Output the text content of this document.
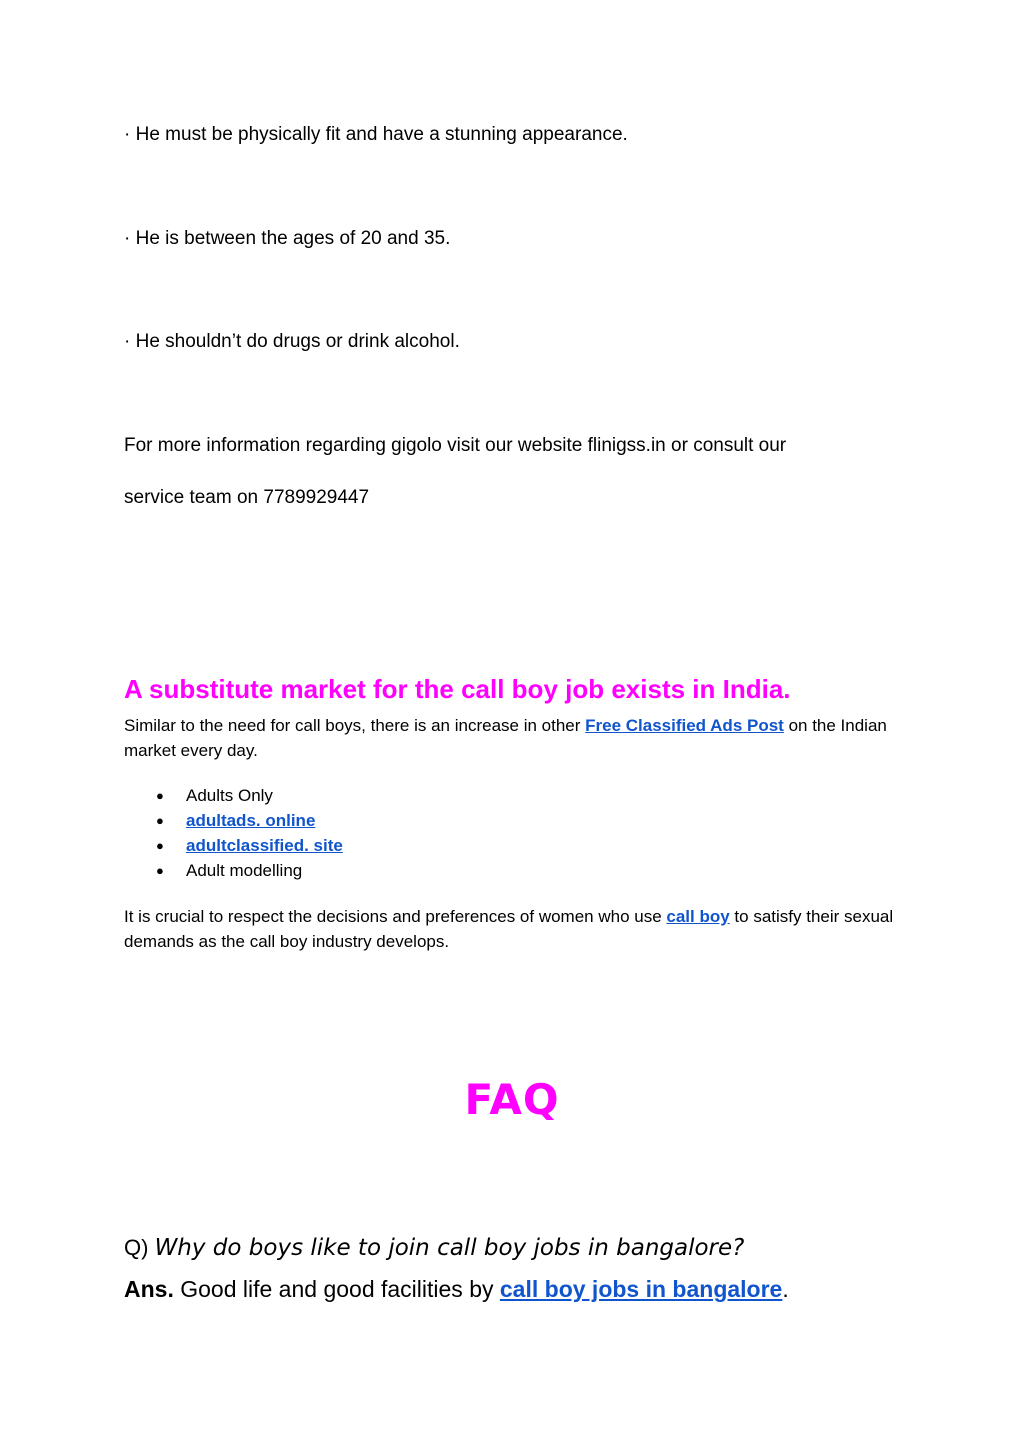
· He must be physically fit and have a stunning appearance.
· He is between the ages of 20 and 35.
· He shouldn’t do drugs or drink alcohol.
For more information regarding gigolo visit our website flinigss.in or consult our
service team on 7789929447
A substitute market for the call boy job exists in India.
Similar to the need for call boys, there is an increase in other Free Classified Ads Post on the Indian market every day.
● Adults Only
● adultads. online
● adultclassified. site
● Adult modelling
It is crucial to respect the decisions and preferences of women who use call boy to satisfy their sexual demands as the call boy industry develops.
FAQ
Q) Why do boys like to join call boy jobs in bangalore?
Ans. Good life and good facilities by call boy jobs in bangalore.
